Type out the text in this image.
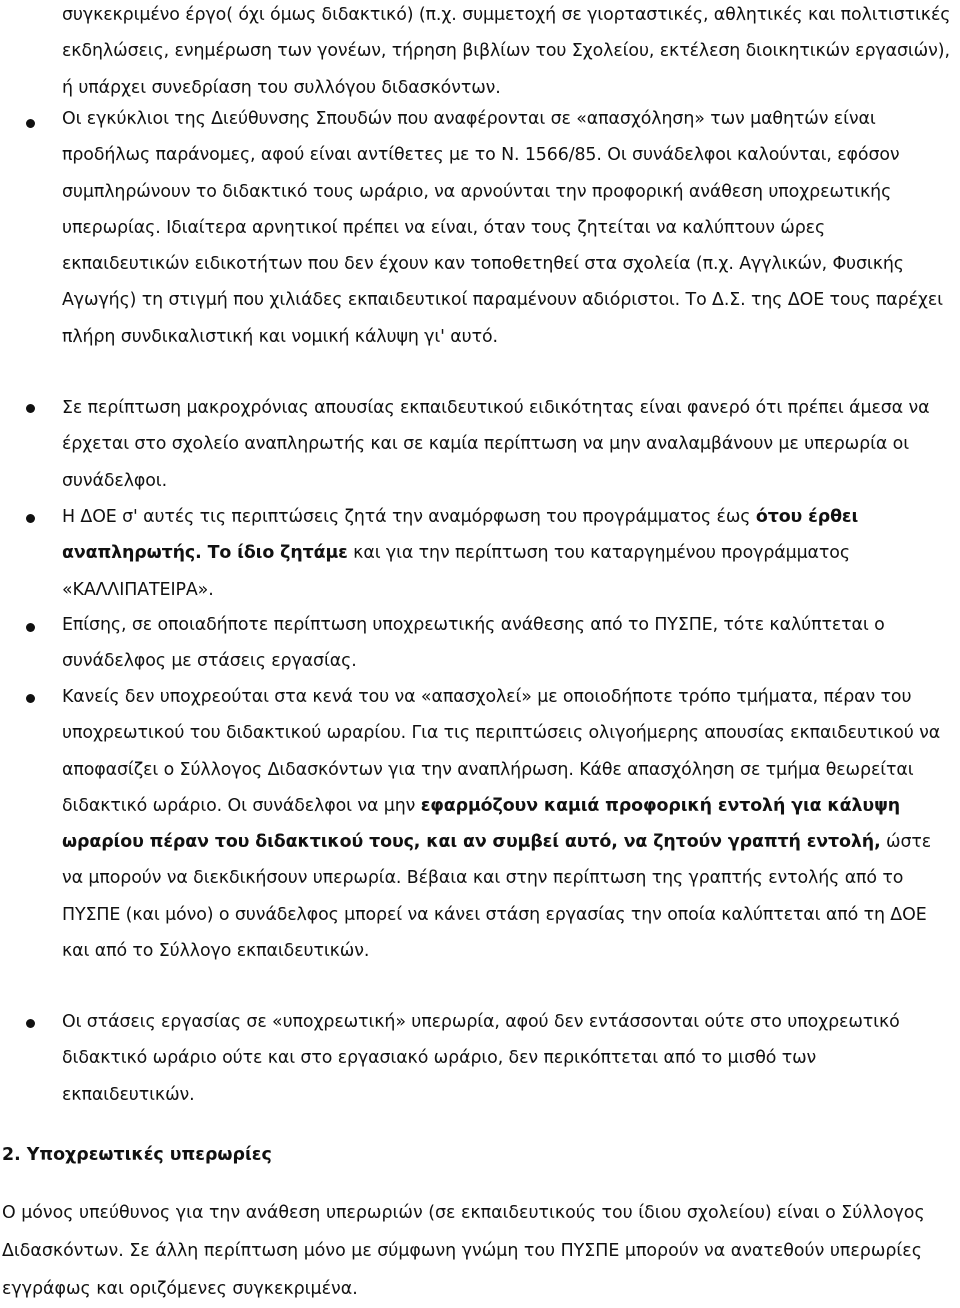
συγκεκριμένο έργο( όχι όμως διδακτικό) (π.χ. συμμετοχή σε γιορταστικές, αθλητικές και πολιτιστικές εκδηλώσεις, ενημέρωση των γονέων, τήρηση βιβλίων του Σχολείου, εκτέλεση διοικητικών εργασιών), ή υπάρχει συνεδρίαση του συλλόγου διδασκόντων.

Οι εγκύκλιοι της Διεύθυνσης Σπουδών που αναφέρονται σε «απασχόληση» των μαθητών είναι προδήλως παράνομες, αφού είναι αντίθετες με το Ν. 1566/85. Οι συνάδελφοι καλούνται, εφόσον συμπληρώνουν το διδακτικό τους ωράριο, να αρνούνται την προφορική ανάθεση υποχρεωτικής υπερωρίας. Ιδιαίτερα αρνητικοί πρέπει να είναι, όταν τους ζητείται να καλύπτουν ώρες εκπαιδευτικών ειδικοτήτων που δεν έχουν καν τοποθετηθεί στα σχολεία (π.χ. Αγγλικών, Φυσικής Αγωγής) τη στιγμή που χιλιάδες εκπαιδευτικοί παραμένουν αδιόριστοι. Το Δ.Σ. της ΔΟΕ τους παρέχει πλήρη συνδικαλιστική και νομική κάλυψη γι' αυτό.

Σε περίπτωση μακροχρόνιας απουσίας εκπαιδευτικού ειδικότητας είναι φανερό ότι πρέπει άμεσα να έρχεται στο σχολείο αναπληρωτής και σε καμία περίπτωση να μην αναλαμβάνουν με υπερωρία οι συνάδελφοι.

Η ΔΟΕ σ' αυτές τις περιπτώσεις ζητά την αναμόρφωση του προγράμματος έως ότου έρθει αναπληρωτής. Το ίδιο ζητάμε και για την περίπτωση του καταργημένου προγράμματος «ΚΑΛΛΙΠΑΤΕΙΡΑ».

Επίσης, σε οποιαδήποτε περίπτωση υποχρεωτικής ανάθεσης από το ΠΥΣΠΕ, τότε καλύπτεται ο συνάδελφος με στάσεις εργασίας.

Κανείς δεν υποχρεούται στα κενά του να «απασχολεί» με οποιοδήποτε τρόπο τμήματα, πέραν του υποχρεωτικού του διδακτικού ωραρίου. Για τις περιπτώσεις ολιγοήμερης απουσίας εκπαιδευτικού να αποφασίζει ο Σύλλογος Διδασκόντων για την αναπλήρωση. Κάθε απασχόληση σε τμήμα θεωρείται διδακτικό ωράριο. Οι συνάδελφοι να μην εφαρμόζουν καμιά προφορική εντολή για κάλυψη ωραρίου πέραν του διδακτικού τους, και αν συμβεί αυτό, να ζητούν γραπτή εντολή, ώστε να μπορούν να διεκδικήσουν υπερωρία. Βέβαια και στην περίπτωση της γραπτής εντολής από το ΠΥΣΠΕ (και μόνο) ο συνάδελφος μπορεί να κάνει στάση εργασίας την οποία καλύπτεται από τη ΔΟΕ και από το Σύλλογο εκπαιδευτικών.

Οι στάσεις εργασίας σε «υποχρεωτική» υπερωρία, αφού δεν εντάσσονται ούτε στο υποχρεωτικό διδακτικό ωράριο ούτε και στο εργασιακό ωράριο, δεν περικόπτεται από το μισθό των εκπαιδευτικών.

2. Υποχρεωτικές υπερωρίες

Ο μόνος υπεύθυνος για την ανάθεση υπερωριών (σε εκπαιδευτικούς του ίδιου σχολείου) είναι ο Σύλλογος Διδασκόντων. Σε άλλη περίπτωση μόνο με σύμφωνη γνώμη του ΠΥΣΠΕ μπορούν να ανατεθούν υπερωρίες εγγράφως και οριζόμενες συγκεκριμένα.
